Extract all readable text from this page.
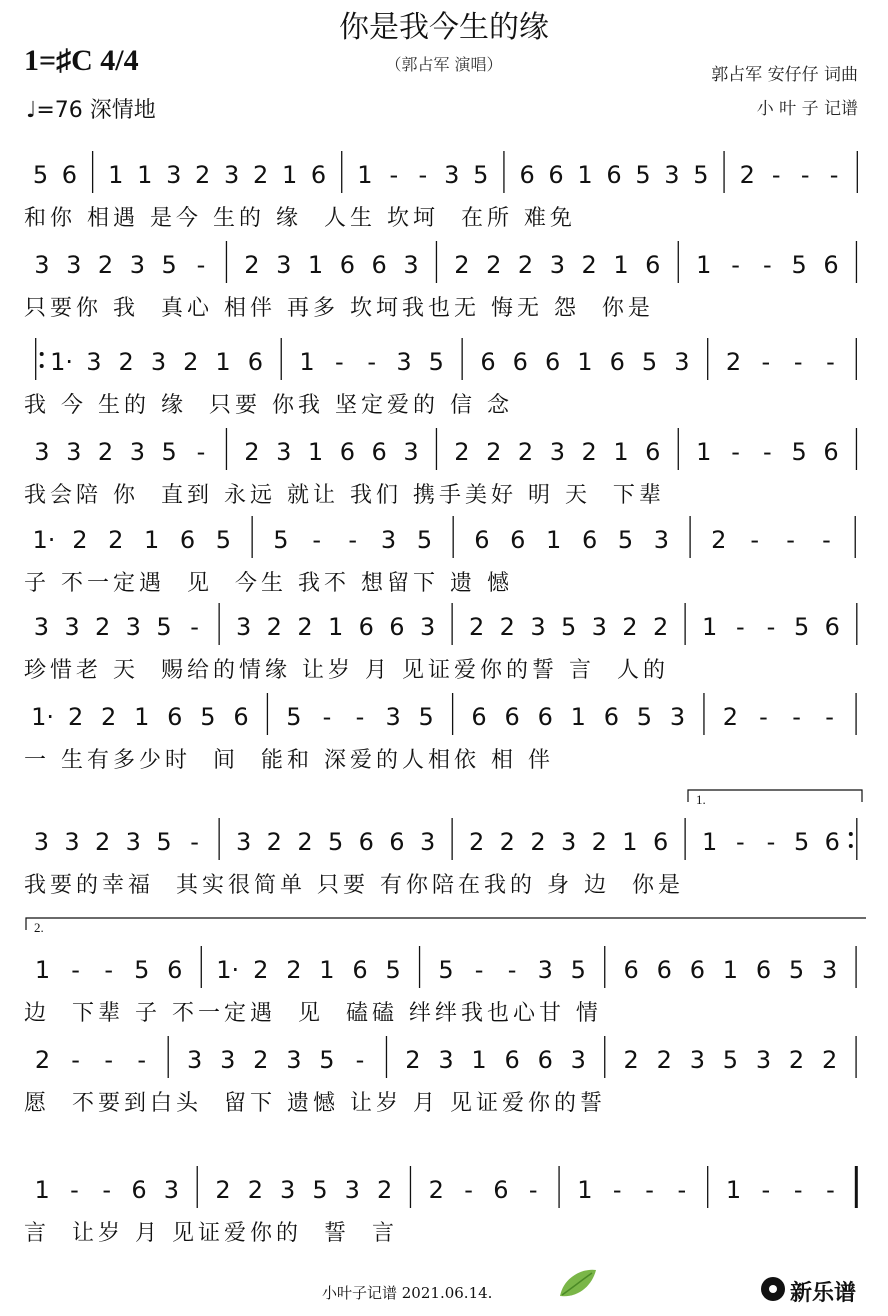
你是我今生的缘
（郭占军 演唱）
1=♯C 4/4
♩=76 深情地
郭占军 安仔仔 词曲
小 叶 子 记谱
5 6 1 1 3 2 3 2 1 6 1 - - 3 5 6 6 1 6 5 3 5 2 - - -
3 3 2 3 5 - 2 3 1 6 6 3 2 2 2 3 2 1 6 1 - - 5 6
1· 3 2 3 2 1 6 1 - - 3 5 6 6 6 1 6 5 3 2 - - -
3 3 2 3 5 - 2 3 1 6 6 3 2 2 2 3 2 1 6 1 - - 5 6
1· 2 2 1 6 5 5 - - 3 5 6 6 1 6 5 3 2 - - -
3 3 2 3 5 - 3 2 2 1 6 6 3 2 2 3 5 3 2 2 1 - - 5 6
1· 2 2 1 6 5 6 5 - - 3 5 6 6 6 1 6 5 3 2 - - -
3 3 2 3 5 - 3 2 2 5 6 6 3 2 2 2 3 2 1 6 1 - - 5 6
1 - - 5 6 1· 2 2 1 6 5 5 - - 3 5 6 6 6 1 6 5 3
2 - - - 3 3 2 3 5 - 2 3 1 6 6 3 2 2 3 5 3 2 2
1 - - 6 3 2 2 3 5 3 2 2 - 6 - 1 - - - 1 - - -
小叶子记谱 2021.06.14.	新乐谱
和你 相遇 是今 生的 缘  人生 坎坷  在所 难免
只要你 我  真心 相伴 再多 坎坷我也无 悔无 怨  你是
我 今 生的 缘  只要 你我 坚定爱的 信 念
我会陪 你  直到 永远 就让 我们 携手美好 明 天  下辈
子 不一定遇  见  今生 我不 想留下 遗 憾
珍惜老 天  赐给的情缘 让岁 月 见证爱你的誓 言  人的
一 生有多少时  间  能和 深爱的人相依 相 伴
我要的幸福  其实很简单 只要 有你陪在我的 身 边  你是
1.
边  下辈 子 不一定遇  见  磕磕 绊绊我也心甘 情
2.
愿  不要到白头  留下 遗憾 让岁 月 见证爱你的誓
言  让岁 月 见证爱你的  誓  言
